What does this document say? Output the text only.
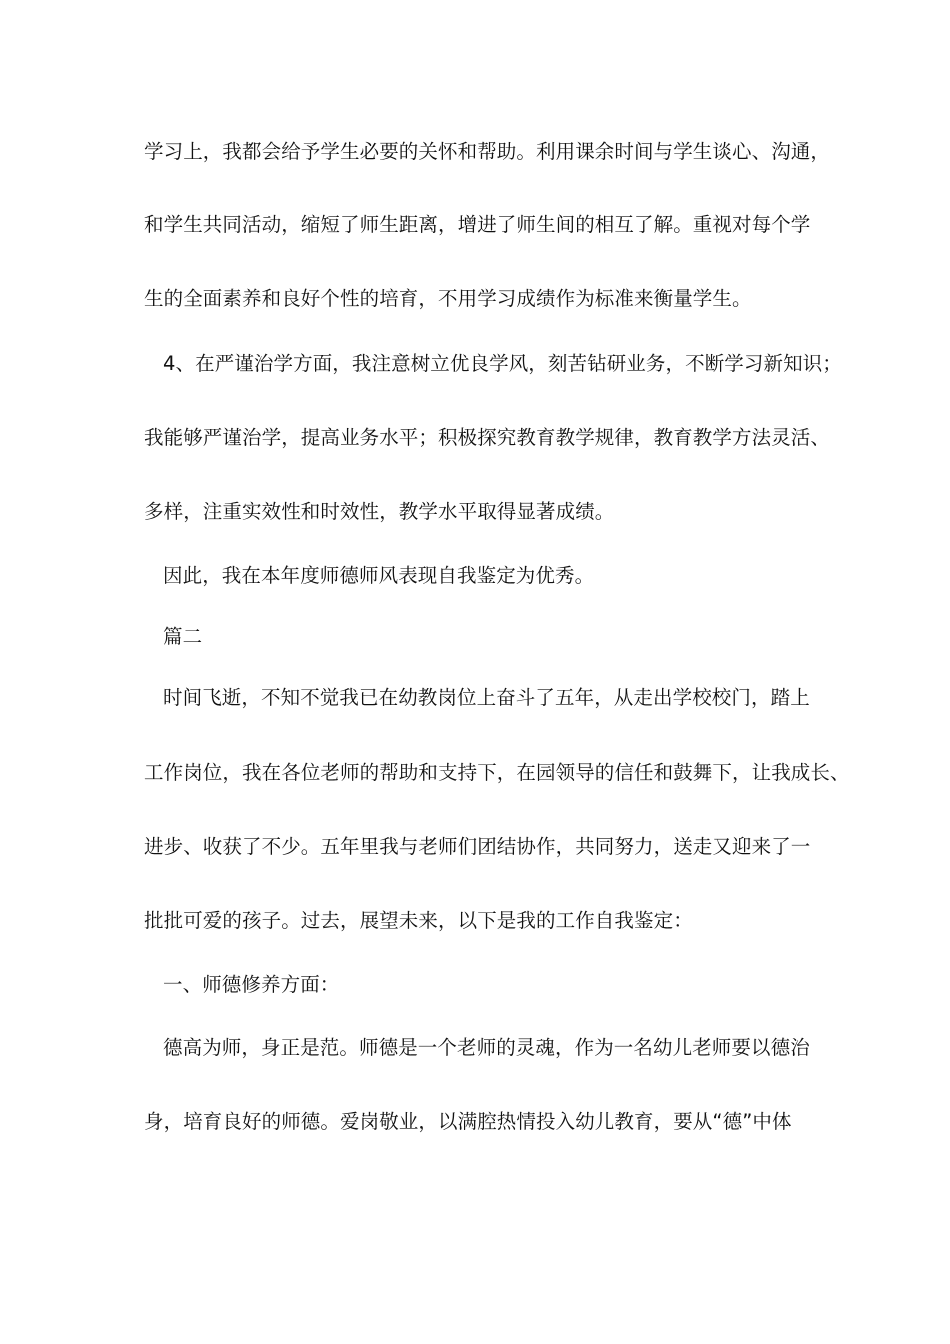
学习上，我都会给予学生必要的关怀和帮助。利用课余时间与学生谈心、沟通，
和学生共同活动，缩短了师生距离，增进了师生间的相互了解。重视对每个学
生的全面素养和良好个性的培育，不用学习成绩作为标准来衡量学生。
4、在严谨治学方面，我注意树立优良学风，刻苦钻研业务，不断学习新知识；
我能够严谨治学，提高业务水平；积极探究教育教学规律，教育教学方法灵活、
多样，注重实效性和时效性，教学水平取得显著成绩。
因此，我在本年度师德师风表现自我鉴定为优秀。
篇二
时间飞逝，不知不觉我已在幼教岗位上奋斗了五年，从走出学校校门，踏上
工作岗位，我在各位老师的帮助和支持下，在园领导的信任和鼓舞下，让我成长、
进步、收获了不少。五年里我与老师们团结协作，共同努力，送走又迎来了一
批批可爱的孩子。过去，展望未来，以下是我的工作自我鉴定：
一、师德修养方面：
德高为师，身正是范。师德是一个老师的灵魂，作为一名幼儿老师要以德治
身，培育良好的师德。爱岗敬业，以满腔热情投入幼儿教育，要从“德”中体
